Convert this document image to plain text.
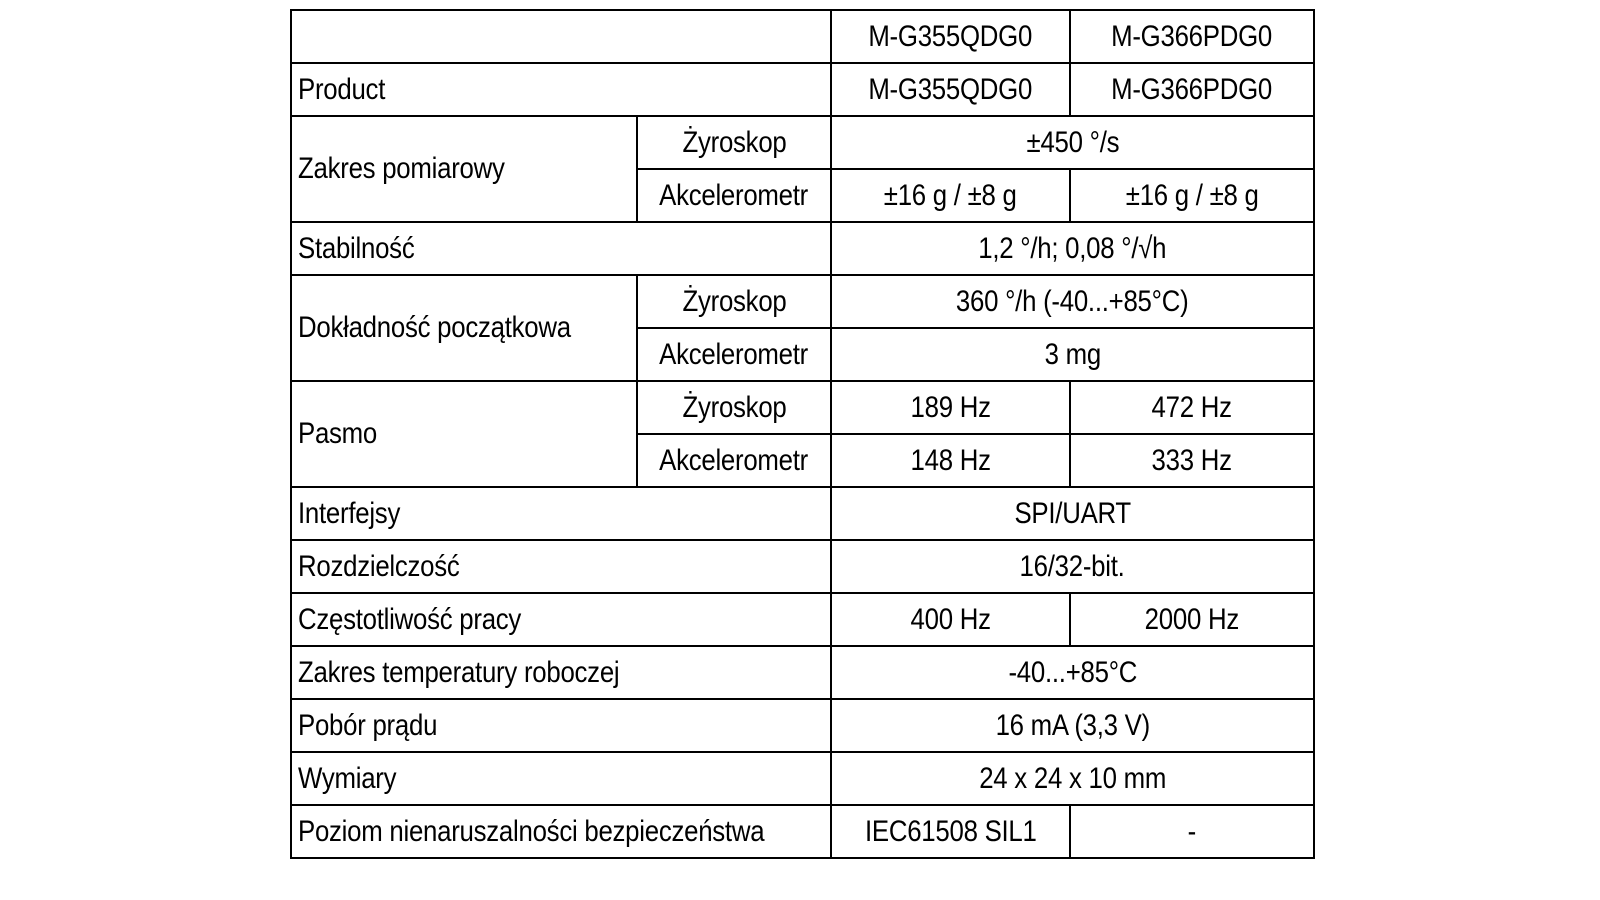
		M-G355QDG0	M-G366PDG0
Product		M-G355QDG0	M-G366PDG0
Zakres pomiarowy	Żyroskop	±450 °/s	
	Akcelerometr	±16 g / ±8 g	±16 g / ±8 g
Stabilność		1,2 °/h; 0,08 °/√h	
Dokładność początkowa	Żyroskop	360 °/h (-40...+85°C)	
	Akcelerometr	3 mg	
Pasmo	Żyroskop	189 Hz	472 Hz
	Akcelerometr	148 Hz	333 Hz
Interfejsy		SPI/UART	
Rozdzielczość		16/32-bit.	
Częstotliwość pracy		400 Hz	2000 Hz
Zakres temperatury roboczej		-40...+85°C	
Pobór prądu		16 mA (3,3 V)	
Wymiary		24 x 24 x 10 mm	
Poziom nienaruszalności bezpieczeństwa		IEC61508 SIL1	-
